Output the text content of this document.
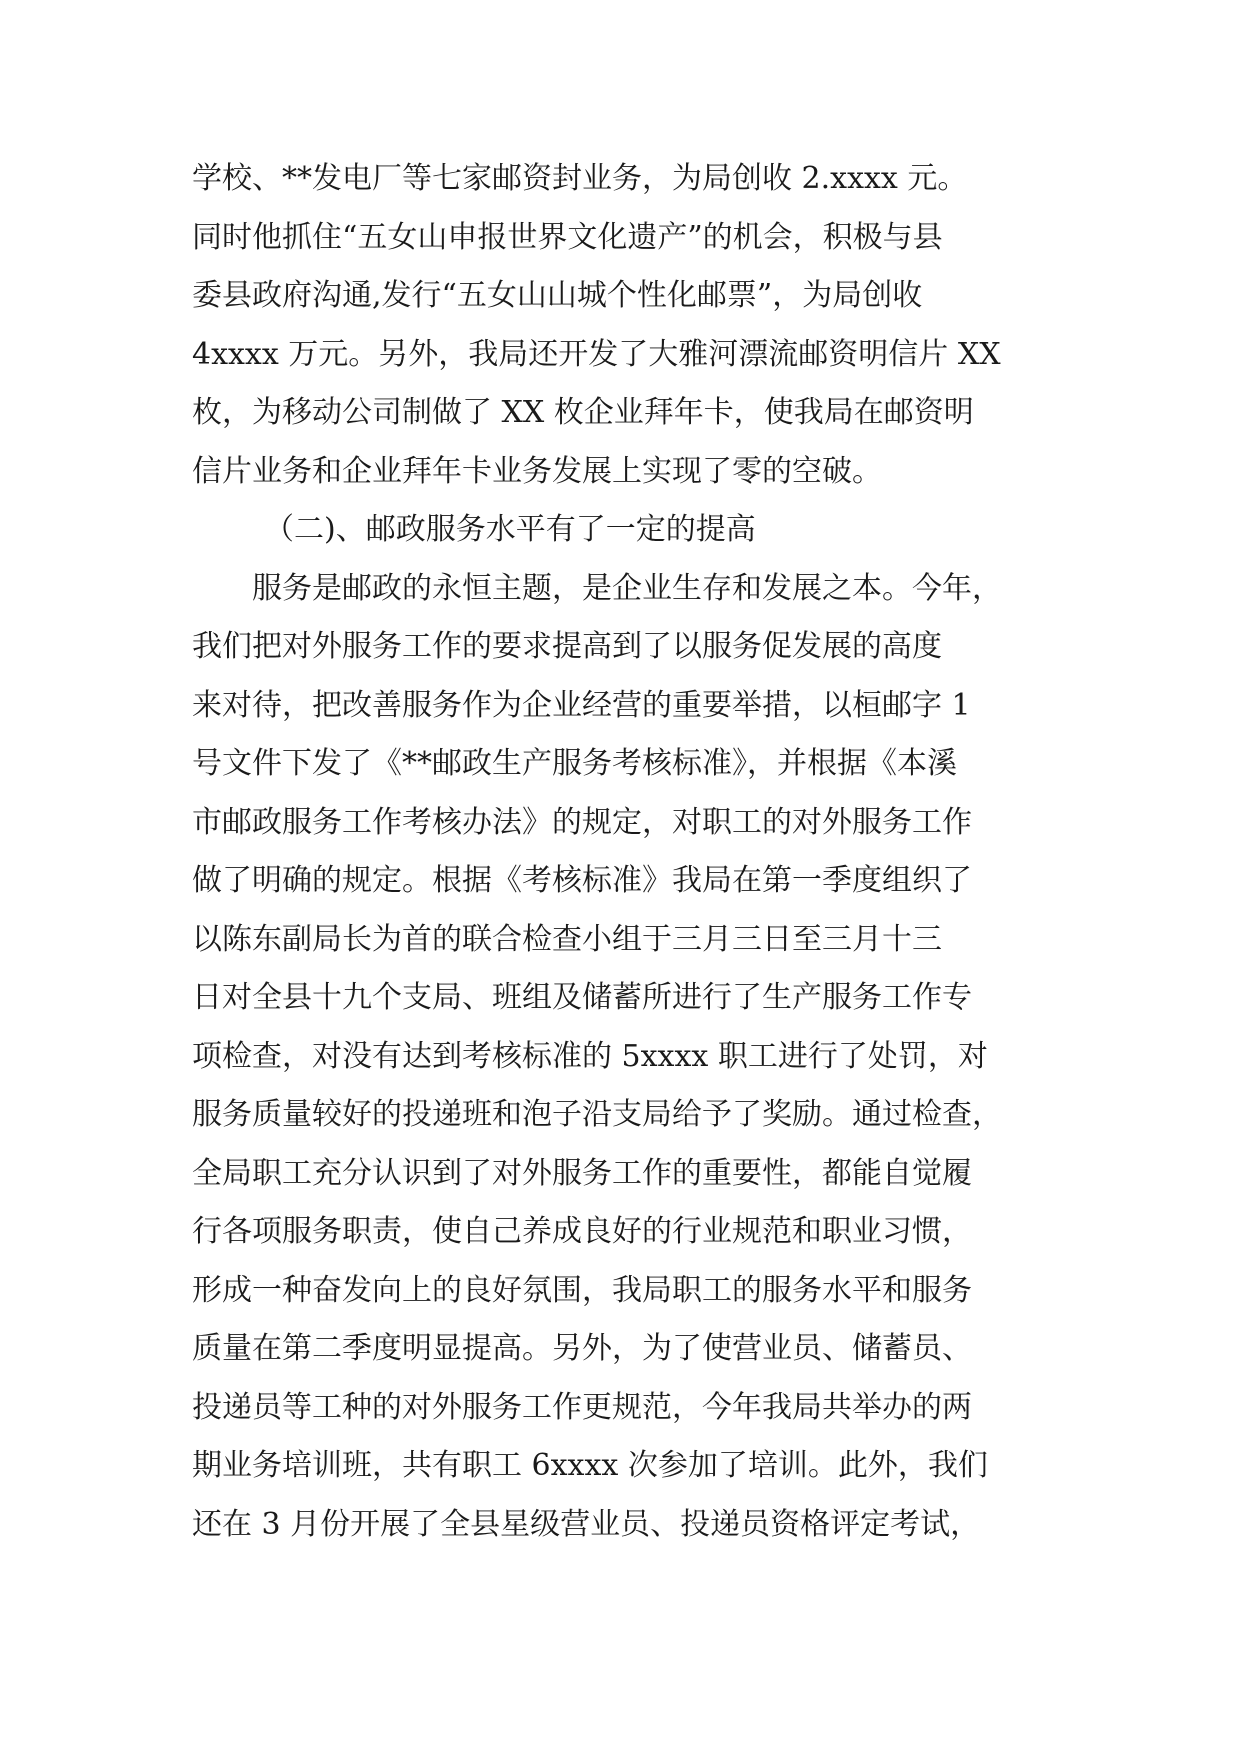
学校、**发电厂等七家邮资封业务，为局创收 2.xxxx 元。
同时他抓住“五女山申报世界文化遗产”的机会，积极与县
委县政府沟通,发行“五女山山城个性化邮票”，为局创收
4xxxx 万元。另外，我局还开发了大雅河漂流邮资明信片 XX
枚，为移动公司制做了 XX 枚企业拜年卡，使我局在邮资明
信片业务和企业拜年卡业务发展上实现了零的空破。
（二)、邮政服务水平有了一定的提高
服务是邮政的永恒主题，是企业生存和发展之本。今年，
我们把对外服务工作的要求提高到了以服务促发展的高度
来对待，把改善服务作为企业经营的重要举措，以桓邮字 1
号文件下发了《**邮政生产服务考核标准》，并根据《本溪
市邮政服务工作考核办法》的规定，对职工的对外服务工作
做了明确的规定。根据《考核标准》我局在第一季度组织了
以陈东副局长为首的联合检查小组于三月三日至三月十三
日对全县十九个支局、班组及储蓄所进行了生产服务工作专
项检查，对没有达到考核标准的 5xxxx 职工进行了处罚，对
服务质量较好的投递班和泡子沿支局给予了奖励。通过检查，
全局职工充分认识到了对外服务工作的重要性，都能自觉履
行各项服务职责，使自己养成良好的行业规范和职业习惯，
形成一种奋发向上的良好氛围，我局职工的服务水平和服务
质量在第二季度明显提高。另外，为了使营业员、储蓄员、
投递员等工种的对外服务工作更规范，今年我局共举办的两
期业务培训班，共有职工 6xxxx 次参加了培训。此外，我们
还在 3 月份开展了全县星级营业员、投递员资格评定考试，
